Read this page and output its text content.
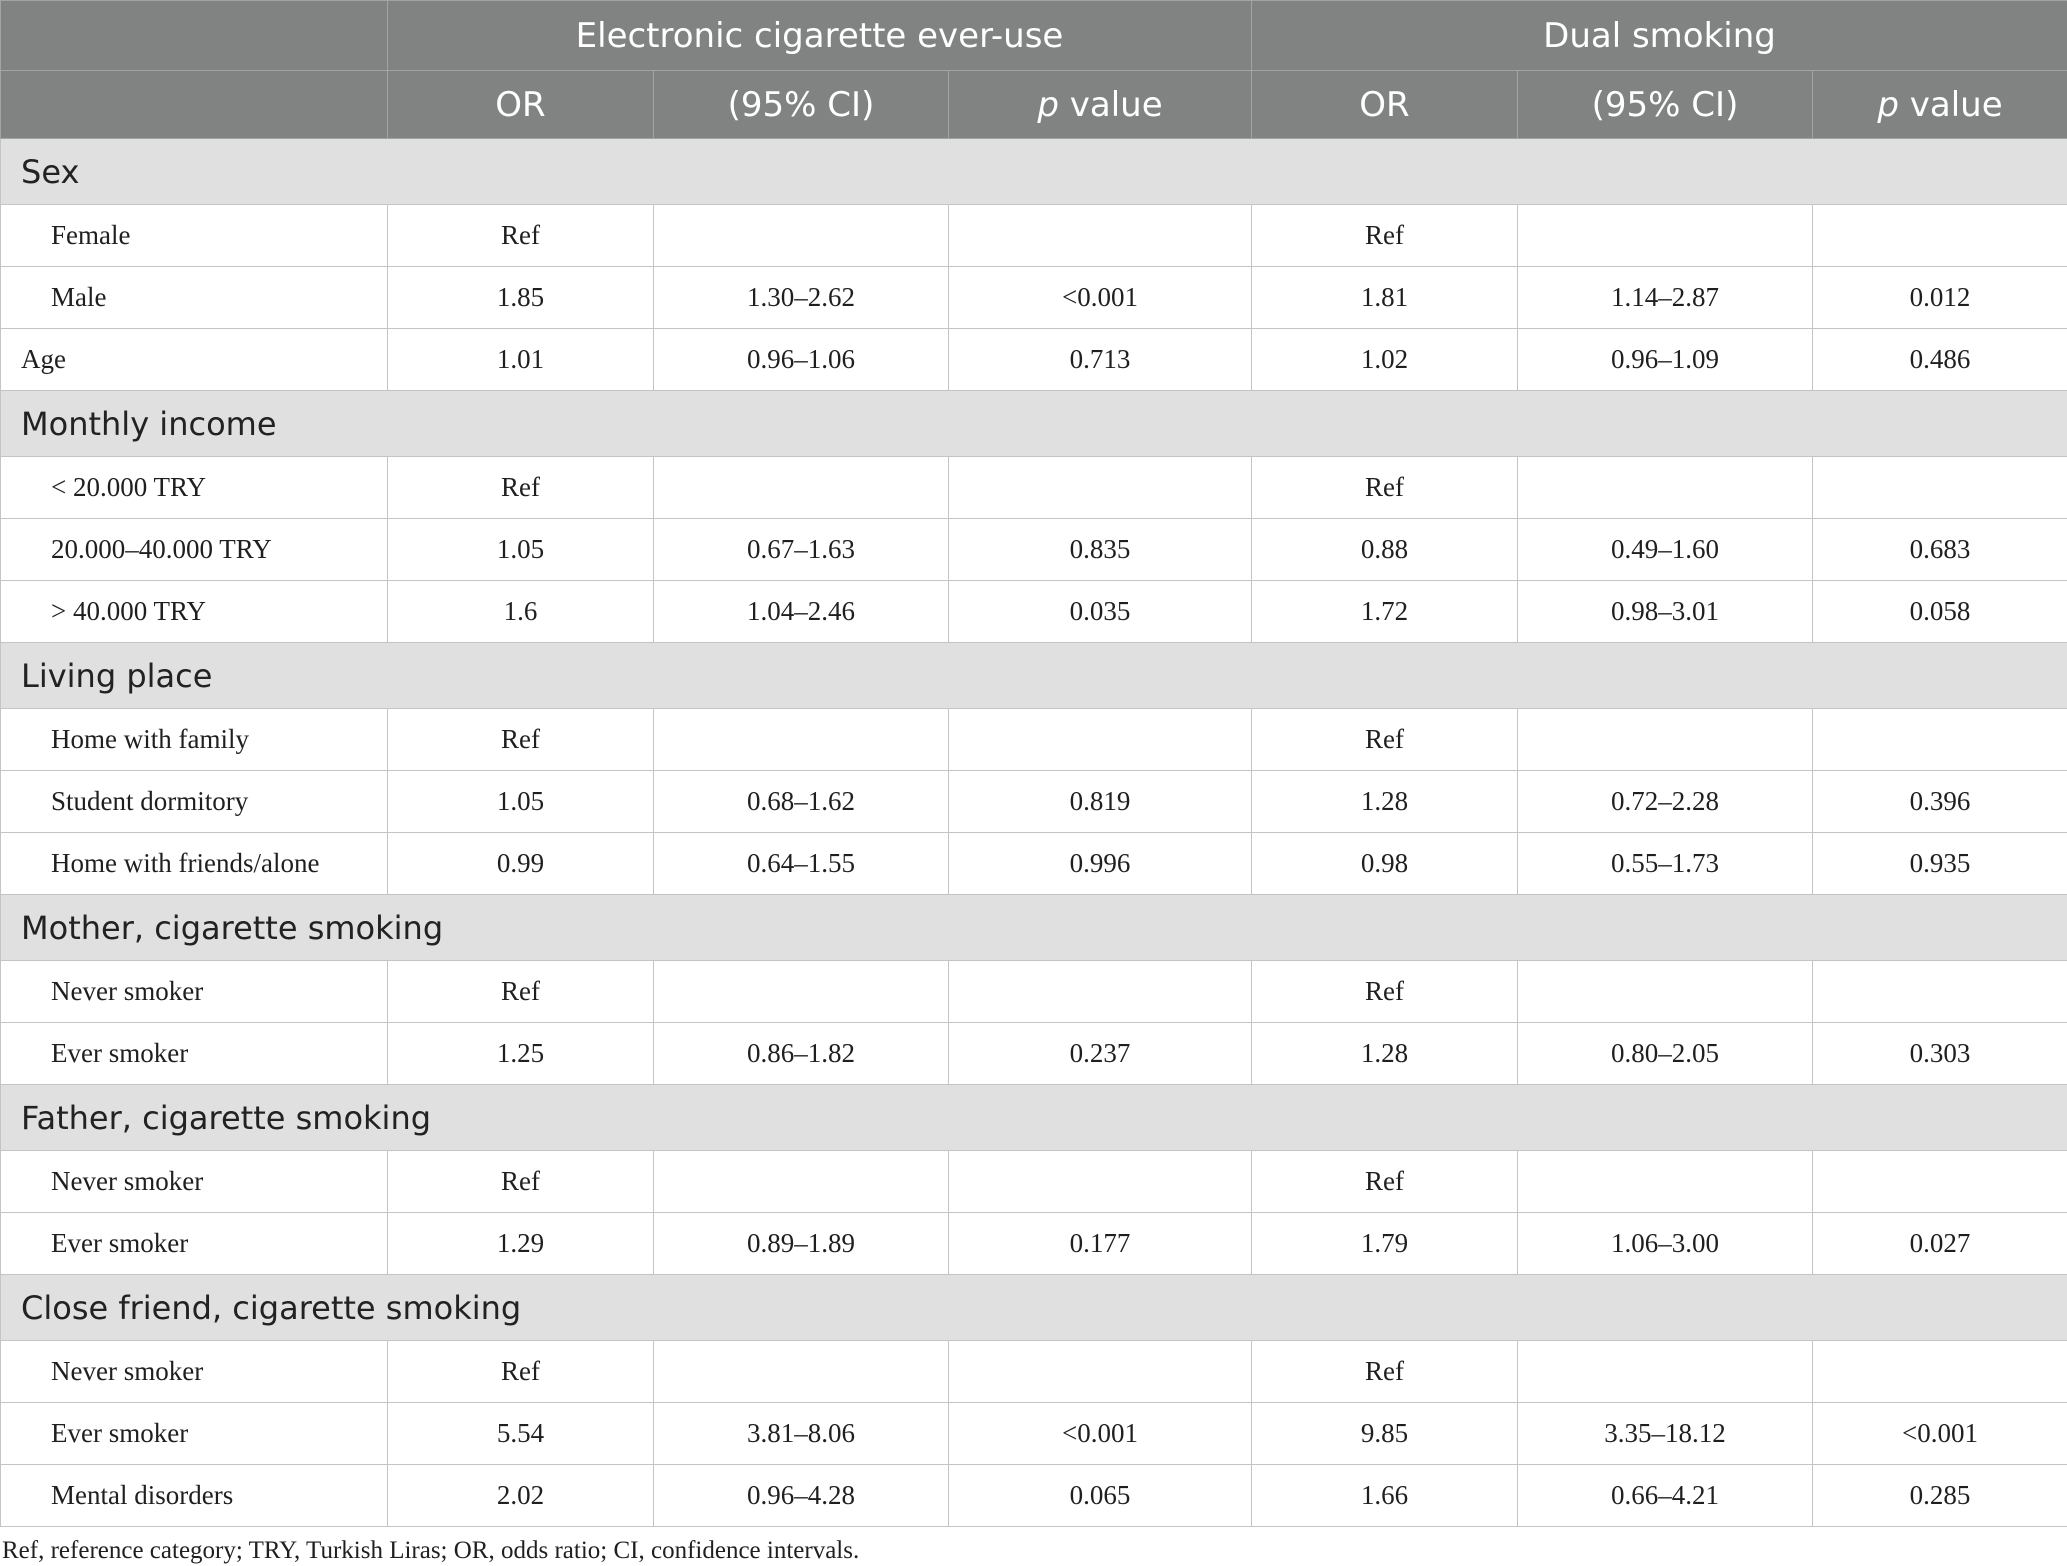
	Electronic cigarette ever-use			Dual smoking		
	OR	(95% CI)	p value	OR	(95% CI)	p value
Sex						
Female	Ref			Ref		
Male	1.85	1.30–2.62	<0.001	1.81	1.14–2.87	0.012
Age	1.01	0.96–1.06	0.713	1.02	0.96–1.09	0.486
Monthly income						
< 20.000 TRY	Ref			Ref		
20.000–40.000 TRY	1.05	0.67–1.63	0.835	0.88	0.49–1.60	0.683
> 40.000 TRY	1.6	1.04–2.46	0.035	1.72	0.98–3.01	0.058
Living place						
Home with family	Ref			Ref		
Student dormitory	1.05	0.68–1.62	0.819	1.28	0.72–2.28	0.396
Home with friends/alone	0.99	0.64–1.55	0.996	0.98	0.55–1.73	0.935
Mother, cigarette smoking						
Never smoker	Ref			Ref		
Ever smoker	1.25	0.86–1.82	0.237	1.28	0.80–2.05	0.303
Father, cigarette smoking						
Never smoker	Ref			Ref		
Ever smoker	1.29	0.89–1.89	0.177	1.79	1.06–3.00	0.027
Close friend, cigarette smoking						
Never smoker	Ref			Ref		
Ever smoker	5.54	3.81–8.06	<0.001	9.85	3.35–18.12	<0.001
Mental disorders	2.02	0.96–4.28	0.065	1.66	0.66–4.21	0.285
Ref, reference category; TRY, Turkish Liras; OR, odds ratio; CI, confidence intervals.
